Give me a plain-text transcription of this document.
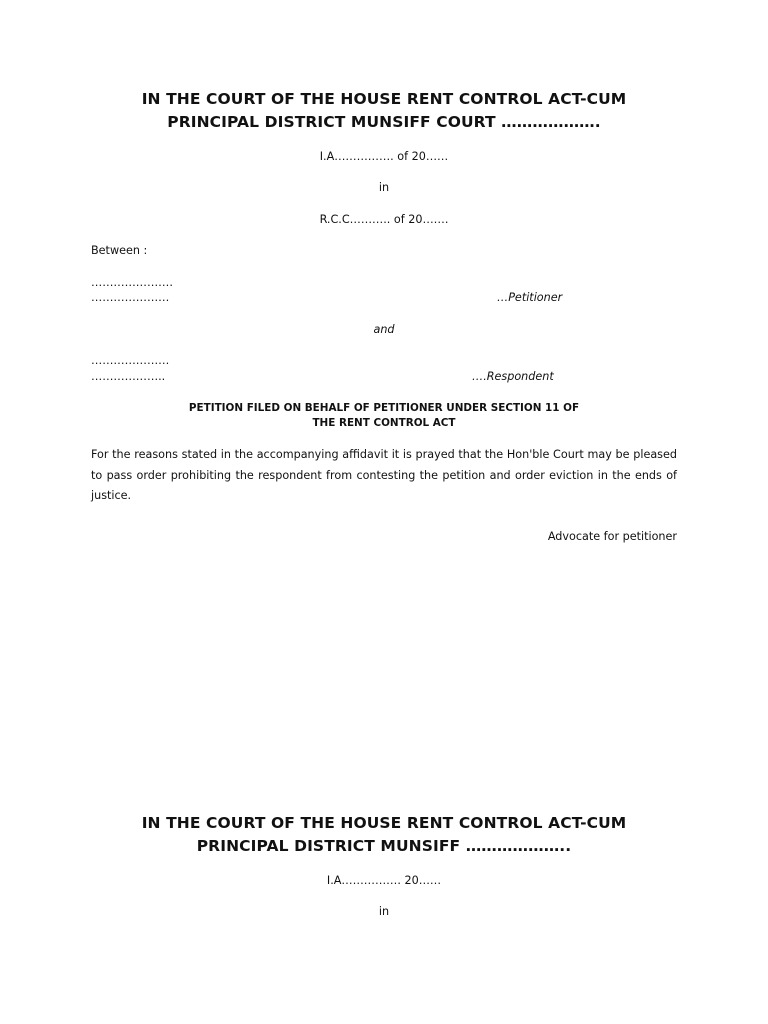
IN THE COURT OF THE HOUSE RENT CONTROL ACT-CUM
PRINCIPAL DISTRICT MUNSIFF COURT ……………….
I.A……………. of 20……
in
R.C.C……….. of 20…….
Between :
………………….
…………………	…Petitioner
and
…………………
………………..	….Respondent
PETITION FILED ON BEHALF OF PETITIONER UNDER SECTION 11 OF
THE RENT CONTROL ACT
For the reasons stated in the accompanying affidavit it is prayed that the Hon'ble Court may be pleased to pass order prohibiting the respondent from contesting the petition and order eviction in the ends of justice.
Advocate for petitioner
IN THE COURT OF THE HOUSE RENT CONTROL ACT-CUM
PRINCIPAL DISTRICT MUNSIFF ………………..
I.A……………. 20……
in
